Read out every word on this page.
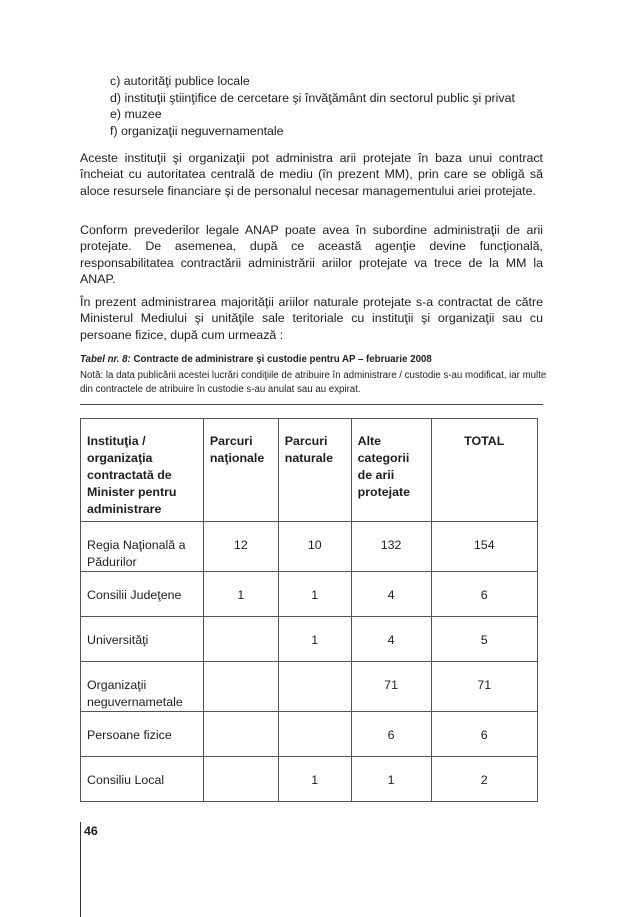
c) autorităţi publice locale
d) instituţii ştiinţifice de cercetare şi învăţământ din sectorul public şi privat
e) muzee
f) organizaţii neguvernamentale

Aceste instituţii şi organizaţii pot administra arii protejate în baza unui contract încheiat cu autoritatea centrală de mediu (în prezent MM), prin care se obligă să aloce resursele financiare şi de personalul necesar managementului ariei protejate.

Conform prevederilor legale ANAP poate avea în subordine administraţii de arii protejate. De asemenea, după ce această agenţie devine funcţională, responsabilitatea contractării administrării ariilor protejate va trece de la MM la ANAP.

În prezent administrarea majorităţii ariilor naturale protejate s-a contractat de către Ministerul Mediului şi unităţile sale teritoriale cu instituţii şi organizaţii sau cu persoane fizice, după cum urmează :

Tabel nr. 8: Contracte de administrare şi custodie pentru AP – februarie 2008
Notă: la data publicării acestei lucrări condiţiile de atribuire în administrare / custodie s-au modificat, iar multe din contractele de atribuire în custodie s-au anulat sau au expirat.
Instituţia / organizaţia contractată de Minister pentru administrare	Parcuri naţionale	Parcuri naturale	Alte categorii de arii protejate	TOTAL

Regia Naţională a Pădurilor	12	10	132	154

Consilii Judeţene	1	1	4	6

Universităţi		1	4	5

Organizaţii neguvernametale			71	71

Persoane fizice			6	6

Consiliu Local		1	1	2
46
